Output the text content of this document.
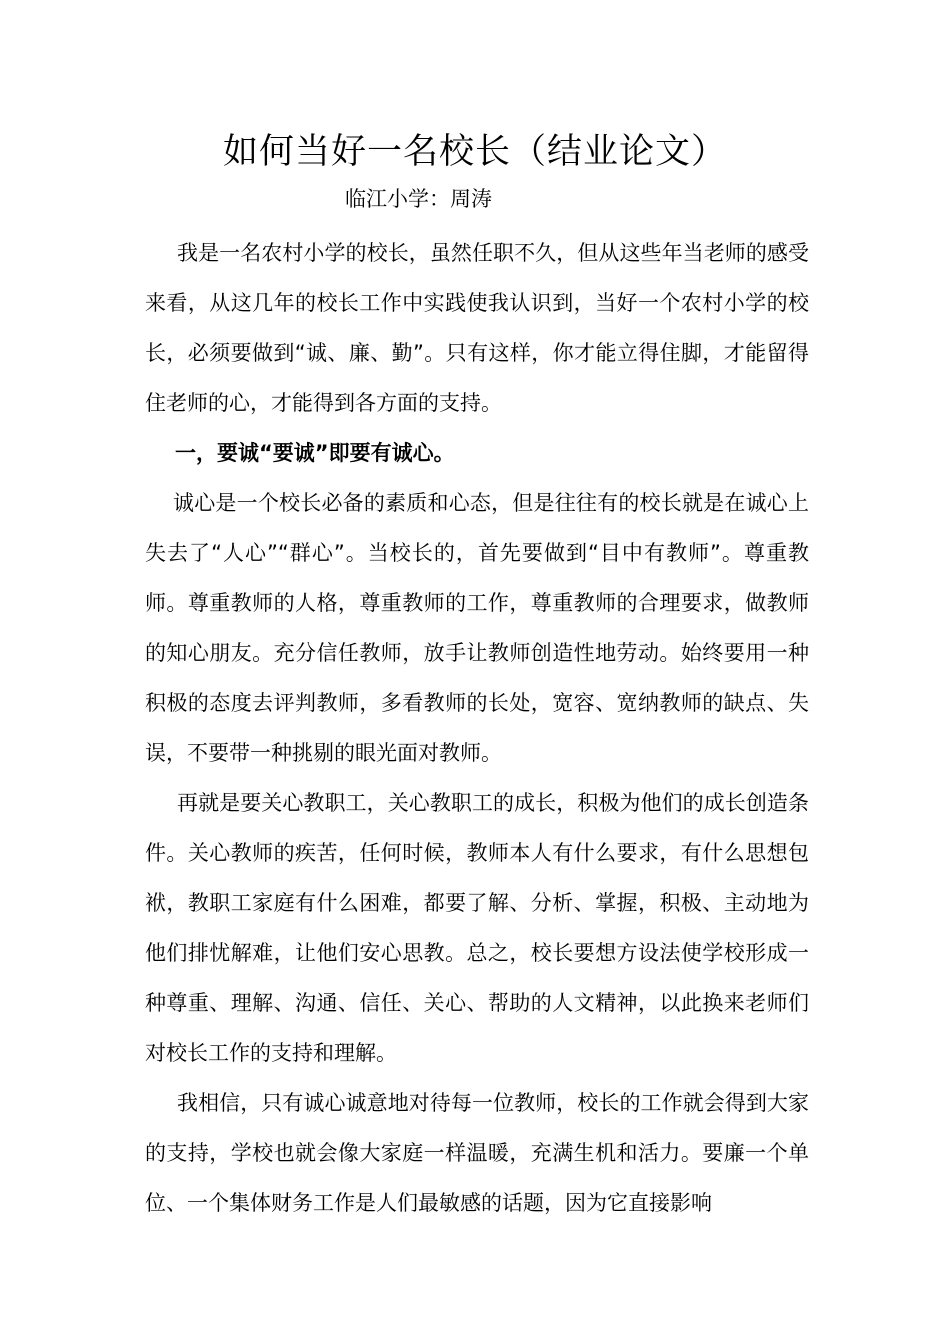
如何当好一名校长（结业论文）
临江小学：周涛

我是一名农村小学的校长，虽然任职不久，但从这些年当老师的感受来看，从这几年的校长工作中实践使我认识到，当好一个农村小学的校长，必须要做到“诚、廉、勤”。只有这样，你才能立得住脚，才能留得住老师的心，才能得到各方面的支持。

一，要诚“要诚”即要有诚心。

诚心是一个校长必备的素质和心态，但是往往有的校长就是在诚心上失去了“人心”“群心”。当校长的，首先要做到“目中有教师”。尊重教师。尊重教师的人格，尊重教师的工作，尊重教师的合理要求，做教师的知心朋友。充分信任教师，放手让教师创造性地劳动。始终要用一种积极的态度去评判教师，多看教师的长处，宽容、宽纳教师的缺点、失误，不要带一种挑剔的眼光面对教师。

再就是要关心教职工，关心教职工的成长，积极为他们的成长创造条件。关心教师的疾苦，任何时候，教师本人有什么要求，有什么思想包袱，教职工家庭有什么困难，都要了解、分析、掌握，积极、主动地为他们排忧解难，让他们安心思教。总之，校长要想方设法使学校形成一种尊重、理解、沟通、信任、关心、帮助的人文精神，以此换来老师们对校长工作的支持和理解。

我相信，只有诚心诚意地对待每一位教师，校长的工作就会得到大家的支持，学校也就会像大家庭一样温暖，充满生机和活力。要廉一个单位、一个集体财务工作是人们最敏感的话题，因为它直接影响
